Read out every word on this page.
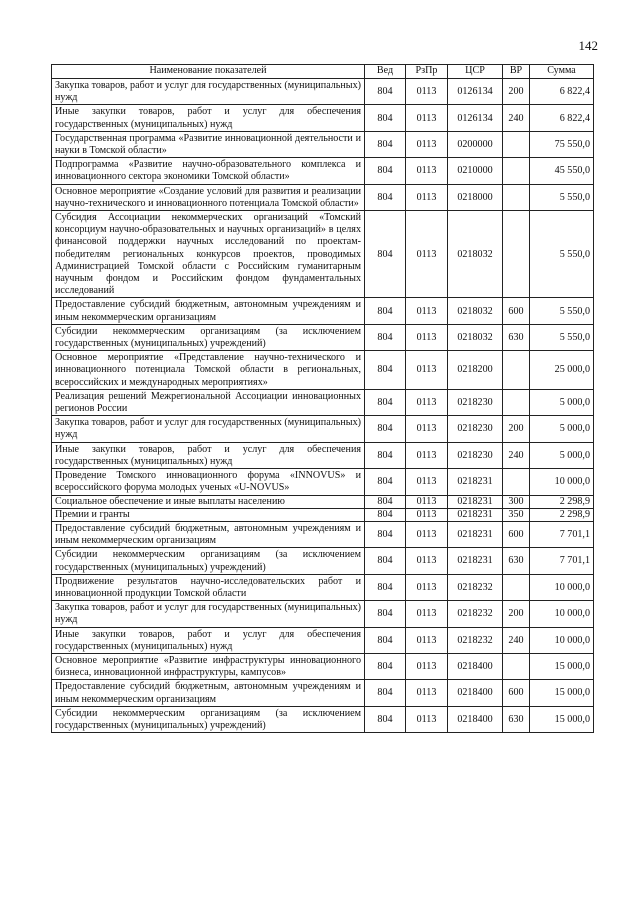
142
Наименование показателей	Вед	РзПр	ЦСР	ВР	Сумма
Закупка товаров, работ и услуг для государственных (муниципальных) нужд	804	0113	0126134	200	6 822,4
Иные закупки товаров, работ и услуг для обеспечения государственных (муниципальных) нужд	804	0113	0126134	240	6 822,4
Государственная программа «Развитие инновационной деятельности и науки в Томской области»	804	0113	0200000		75 550,0
Подпрограмма «Развитие научно-образовательного комплекса и инновационного сектора экономики Томской области»	804	0113	0210000		45 550,0
Основное мероприятие «Создание условий для развития и реализации научно-технического и инновационного потенциала Томской области»	804	0113	0218000		5 550,0
Субсидия Ассоциации некоммерческих организаций «Томский консорциум научно-образовательных и научных организаций» в целях финансовой поддержки научных исследований по проектам-победителям региональных конкурсов проектов, проводимых Администрацией Томской области с Российским гуманитарным научным фондом и Российским фондом фундаментальных исследований	804	0113	0218032		5 550,0
Предоставление субсидий бюджетным, автономным учреждениям и иным некоммерческим организациям	804	0113	0218032	600	5 550,0
Субсидии некоммерческим организациям (за исключением государственных (муниципальных) учреждений)	804	0113	0218032	630	5 550,0
Основное мероприятие «Представление научно-технического и инновационного потенциала Томской области в региональных, всероссийских и международных мероприятиях»	804	0113	0218200		25 000,0
Реализация решений Межрегиональной Ассоциации инновационных регионов России	804	0113	0218230		5 000,0
Закупка товаров, работ и услуг для государственных (муниципальных) нужд	804	0113	0218230	200	5 000,0
Иные закупки товаров, работ и услуг для обеспечения государственных (муниципальных) нужд	804	0113	0218230	240	5 000,0
Проведение Томского инновационного форума «INNOVUS» и всероссийского форума молодых ученых «U-NOVUS»	804	0113	0218231		10 000,0
Социальное обеспечение и иные выплаты населению	804	0113	0218231	300	2 298,9
Премии и гранты	804	0113	0218231	350	2 298,9
Предоставление субсидий бюджетным, автономным учреждениям и иным некоммерческим организациям	804	0113	0218231	600	7 701,1
Субсидии некоммерческим организациям (за исключением государственных (муниципальных) учреждений)	804	0113	0218231	630	7 701,1
Продвижение результатов научно-исследовательских работ и инновационной продукции Томской области	804	0113	0218232		10 000,0
Закупка товаров, работ и услуг для государственных (муниципальных) нужд	804	0113	0218232	200	10 000,0
Иные закупки товаров, работ и услуг для обеспечения государственных (муниципальных) нужд	804	0113	0218232	240	10 000,0
Основное мероприятие «Развитие инфраструктуры инновационного бизнеса, инновационной инфраструктуры, кампусов»	804	0113	0218400		15 000,0
Предоставление субсидий бюджетным, автономным учреждениям и иным некоммерческим организациям	804	0113	0218400	600	15 000,0
Субсидии некоммерческим организациям (за исключением государственных (муниципальных) учреждений)	804	0113	0218400	630	15 000,0
